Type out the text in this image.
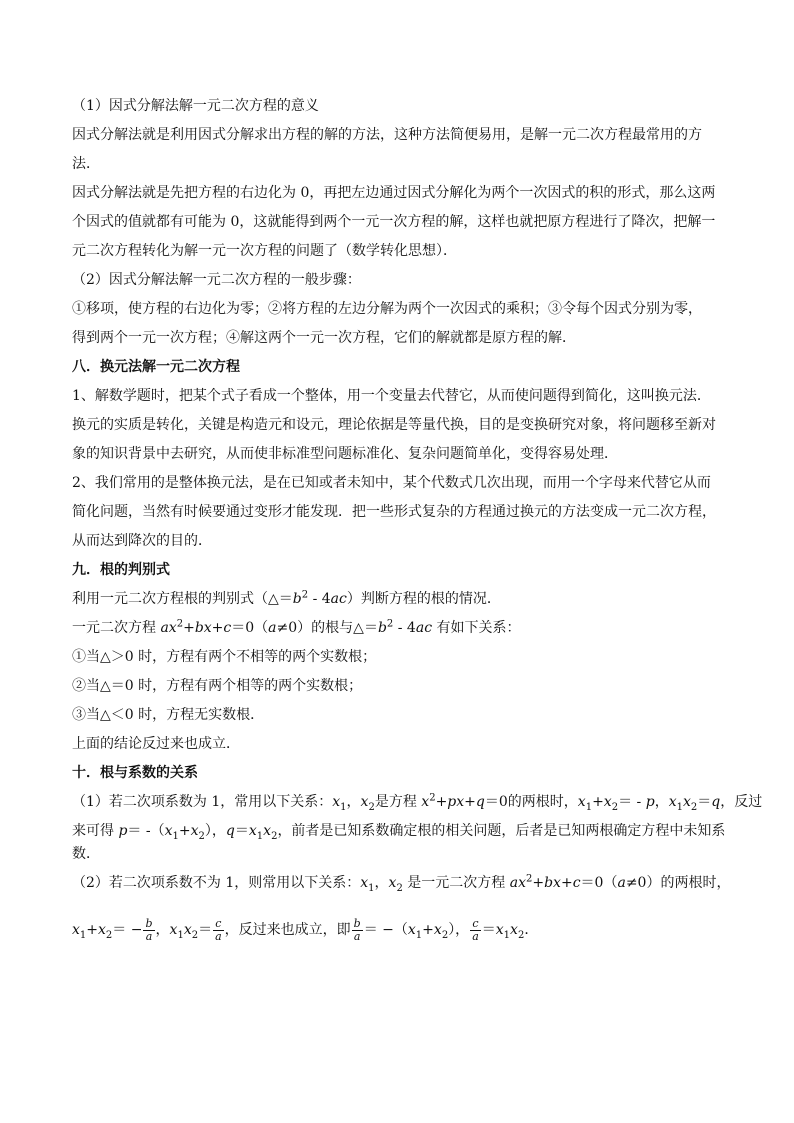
（1）因式分解法解一元二次方程的意义
因式分解法就是利用因式分解求出方程的解的方法，这种方法简便易用，是解一元二次方程最常用的方
法．
因式分解法就是先把方程的右边化为 0，再把左边通过因式分解化为两个一次因式的积的形式，那么这两
个因式的值就都有可能为 0，这就能得到两个一元一次方程的解，这样也就把原方程进行了降次，把解一
元二次方程转化为解一元一次方程的问题了（数学转化思想）．
（2）因式分解法解一元二次方程的一般步骤：
①移项，使方程的右边化为零；②将方程的左边分解为两个一次因式的乘积；③令每个因式分别为零，
得到两个一元一次方程；④解这两个一元一次方程，它们的解就都是原方程的解．
八．换元法解一元二次方程
1、解数学题时，把某个式子看成一个整体，用一个变量去代替它，从而使问题得到简化，这叫换元法．
换元的实质是转化，关键是构造元和设元，理论依据是等量代换，目的是变换研究对象，将问题移至新对
象的知识背景中去研究，从而使非标准型问题标准化、复杂问题简单化，变得容易处理．
2、我们常用的是整体换元法，是在已知或者未知中，某个代数式几次出现，而用一个字母来代替它从而
简化问题，当然有时候要通过变形才能发现．把一些形式复杂的方程通过换元的方法变成一元二次方程，
从而达到降次的目的．
九．根的判别式
利用一元二次方程根的判别式$(\triangle=b^2 - 4ac)$判断方程的根的情况．
一元二次方程 $ax^2+bx+c=0(a\ne 0)$的根与$\triangle=b^2 - 4ac$ 有如下关系：
①当△＞0 时，方程有两个不相等的两个实数根；
②当△＝0 时，方程有两个相等的两个实数根；
③当△＜0 时，方程无实数根．
上面的结论反过来也成立．
十．根与系数的关系
（1）若二次项系数为 1，常用以下关系：$x_1$，$x_2$是方程 $x^2+px+q=0$的两根时，$x_1+x_2= - p$，$x_1x_2=q$，反过
来可得 $p= -(x_1+x_2)$，$q=x_1x_2$，前者是已知系数确定根的相关问题，后者是已知两根确定方程中未知系
数．
（2）若二次项系数不为 1，则常用以下关系：$x_1$，$x_2$ 是一元二次方程 $ax^2+bx+c=0(a\ne 0)$的两根时，
$x_1+x_2= - \frac{b}{a}$ ，$x_1x_2= \frac{c}{a}$ ，反过来也成立，即 $\frac{b}{a} = -(x_1+x_2)$， $\frac{c}{a} =x_1x_2$．
